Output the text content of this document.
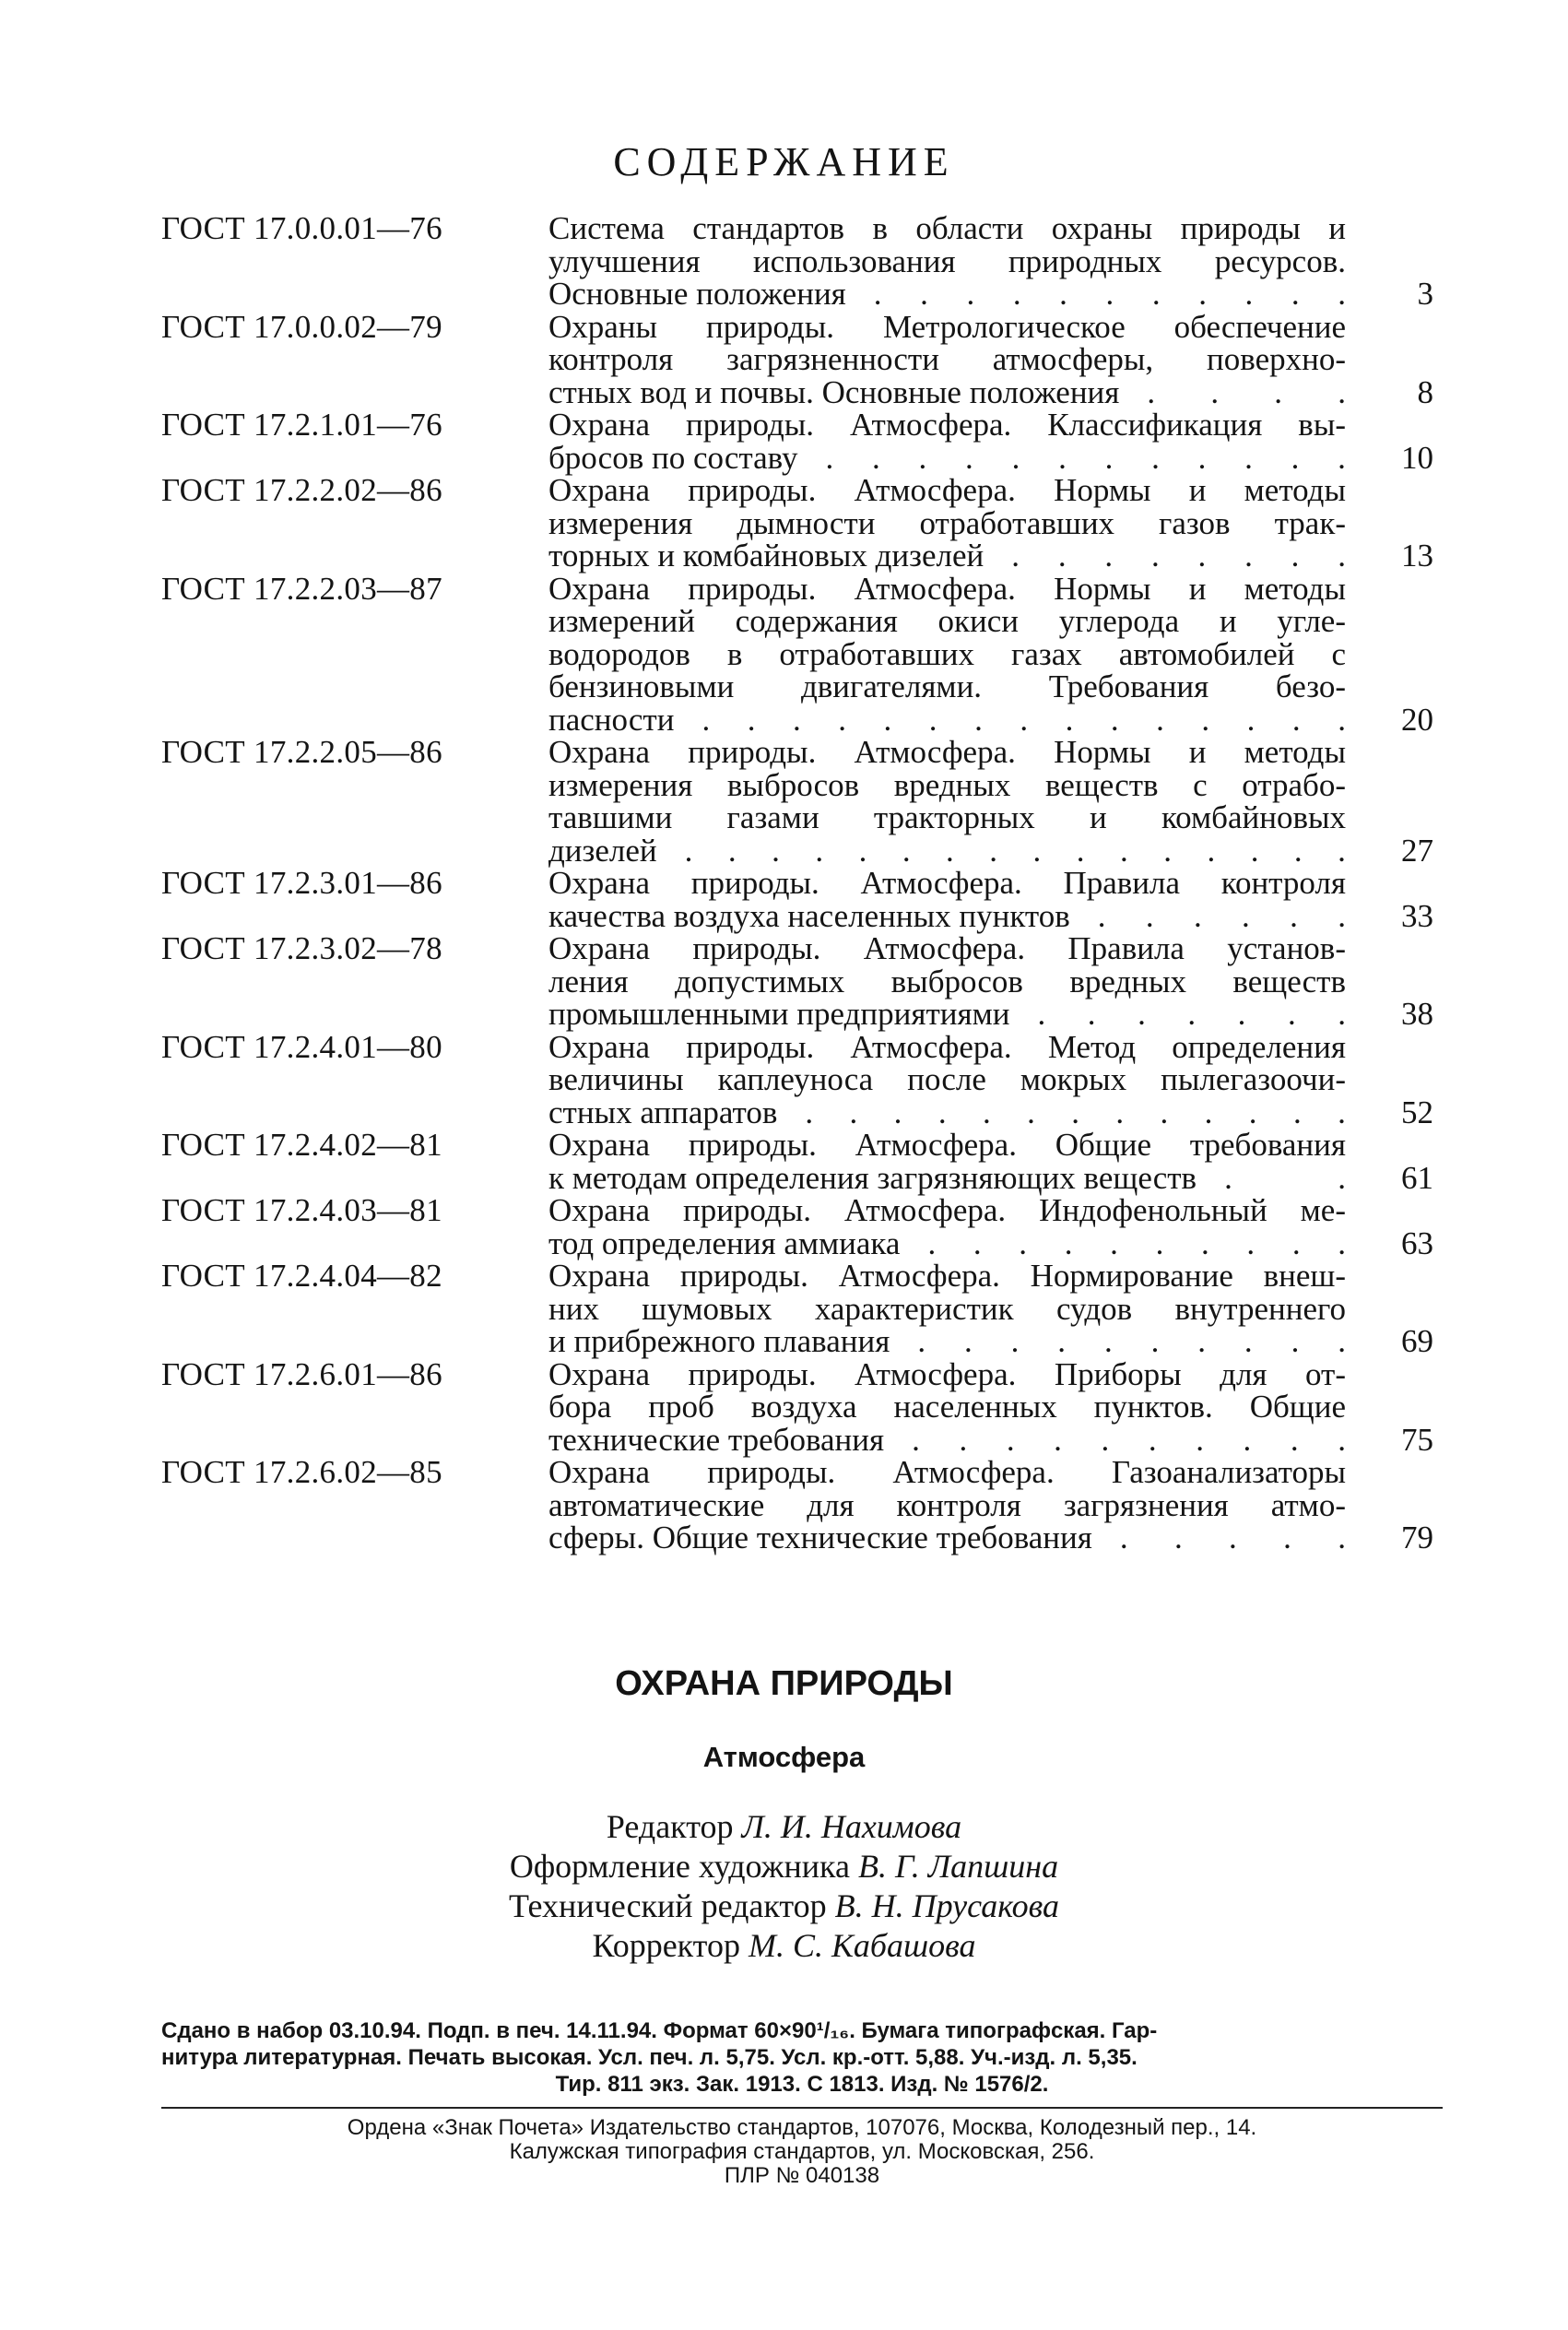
СОДЕРЖАНИЕ
ГОСТ 17.0.0.01—76	Система стандартов в области охраны природы и
улучшения использования природных ресурсов.
Основные положения . . . . . . . . . . .	3
ГОСТ 17.0.0.02—79	Охраны природы. Метрологическое обеспечение
контроля загрязненности атмосферы, поверхно-
стных вод и почвы. Основные положения . . . .	8
ГОСТ 17.2.1.01—76	Охрана природы. Атмосфера. Классификация вы-
бросов по составу . . . . . . . . . . . .	10
ГОСТ 17.2.2.02—86	Охрана природы. Атмосфера. Нормы и методы
измерения дымности отработавших газов трак-
торных и комбайновых дизелей . . . . . . . .	13
ГОСТ 17.2.2.03—87	Охрана природы. Атмосфера. Нормы и методы
измерений содержания окиси углерода и угле-
водородов в отработавших газах автомобилей с
бензиновыми двигателями. Требования безо-
пасности . . . . . . . . . . . . . . .	20
ГОСТ 17.2.2.05—86	Охрана природы. Атмосфера. Нормы и методы
измерения выбросов вредных веществ с отрабо-
тавшими газами тракторных и комбайновых
дизелей . . . . . . . . . . . . . . . .	27
ГОСТ 17.2.3.01—86	Охрана природы. Атмосфера. Правила контроля
качества воздуха населенных пунктов . . . . . .	33
ГОСТ 17.2.3.02—78	Охрана природы. Атмосфера. Правила установ-
ления допустимых выбросов вредных веществ
промышленными предприятиями . . . . . . .	38
ГОСТ 17.2.4.01—80	Охрана природы. Атмосфера. Метод определения
величины каплеуноса после мокрых пылегазоочи-
стных аппаратов . . . . . . . . . . . . .	52
ГОСТ 17.2.4.02—81	Охрана природы. Атмосфера. Общие требования
к методам определения загрязняющих веществ .	.	61
ГОСТ 17.2.4.03—81	Охрана природы. Атмосфера. Индофенольный ме-
тод определения аммиака . . . . . . . . . .	63
ГОСТ 17.2.4.04—82	Охрана природы. Атмосфера. Нормирование внеш-
них шумовых характеристик судов внутреннего
и прибрежного плавания . . . . . . . . . .	69
ГОСТ 17.2.6.01—86	Охрана природы. Атмосфера. Приборы для от-
бора проб воздуха населенных пунктов. Общие
технические требования . . . . . . . . . .	75
ГОСТ 17.2.6.02—85	Охрана природы. Атмосфера. Газоанализаторы
автоматические для контроля загрязнения атмо-
сферы. Общие технические требования . . . . .	79
ОХРАНА ПРИРОДЫ
Атмосфера
Редактор Л. И. Нахимова
Оформление художника В. Г. Лапшина
Технический редактор В. Н. Прусакова
Корректор М. С. Кабашова
Сдано в набор 03.10.94. Подп. в печ. 14.11.94. Формат 60×90¹/₁₆. Бумага типографская. Гар-
нитура литературная. Печать высокая. Усл. печ. л. 5,75. Усл. кр.-отт. 5,88. Уч.-изд. л. 5,35.
Тир. 811 экз. Зак. 1913. С 1813. Изд. № 1576/2.
Ордена «Знак Почета» Издательство стандартов, 107076, Москва, Колодезный пер., 14.
Калужская типография стандартов, ул. Московская, 256.
ПЛР № 040138
